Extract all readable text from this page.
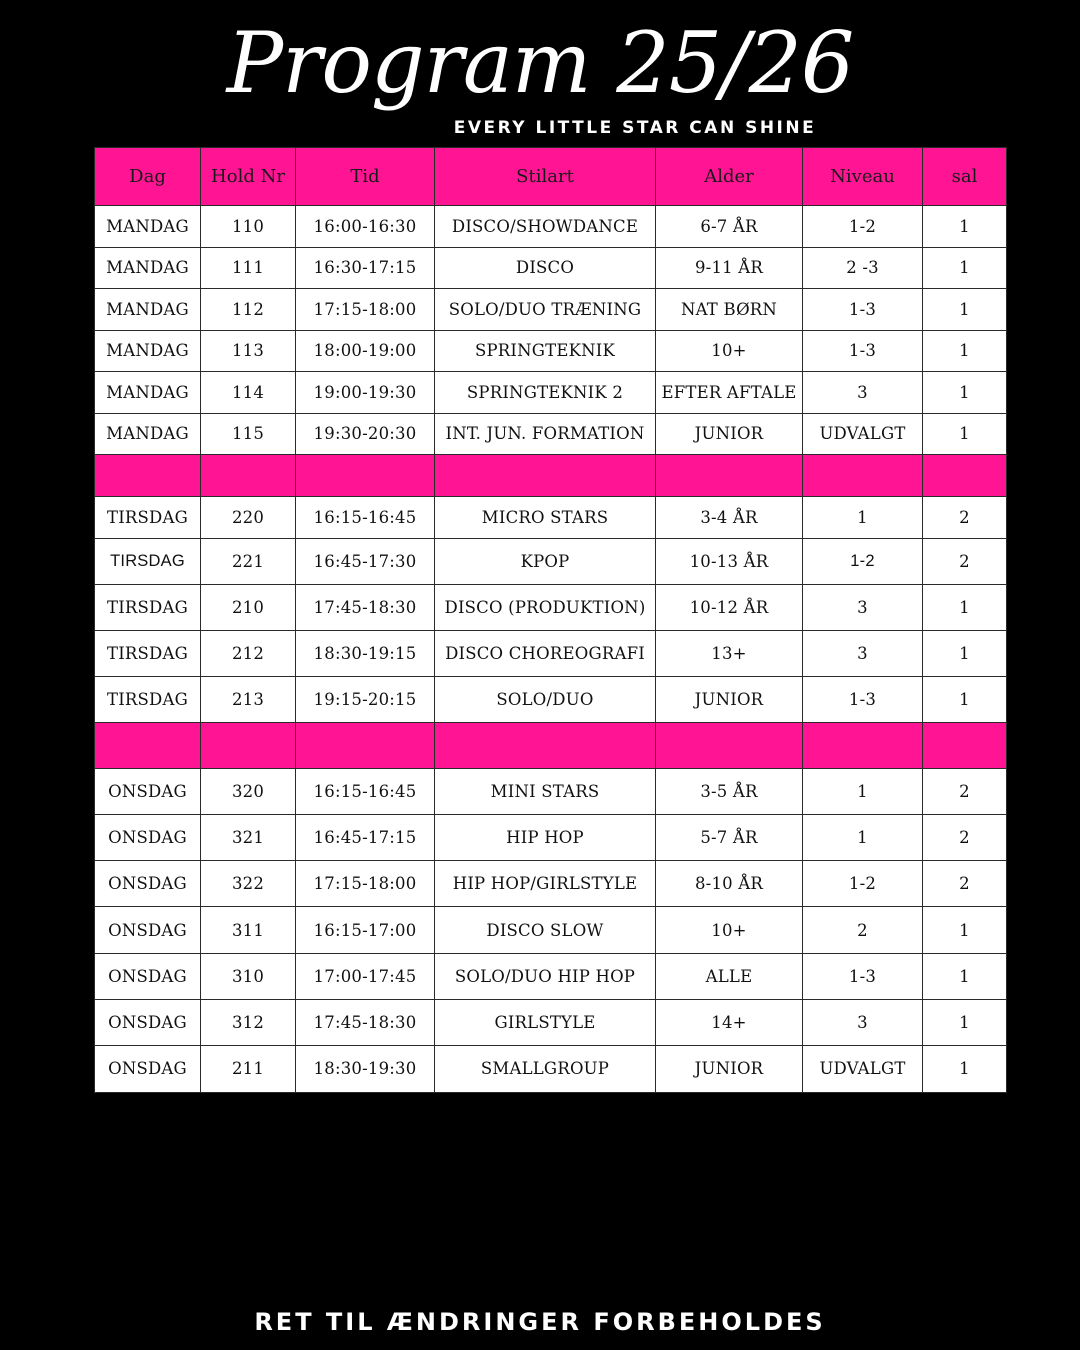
Program 25/26

EVERY LITTLE STAR CAN SHINE

Dag	Hold Nr	Tid	Stilart	Alder	Niveau	sal
MANDAG	110	16:00-16:30	DISCO/SHOWDANCE	6-7 ÅR	1-2	1
MANDAG	111	16:30-17:15	DISCO	9-11 ÅR	2 -3	1
MANDAG	112	17:15-18:00	SOLO/DUO TRÆNING	NAT BØRN	1-3	1
MANDAG	113	18:00-19:00	SPRINGTEKNIK	10+	1-3	1
MANDAG	114	19:00-19:30	SPRINGTEKNIK 2	EFTER AFTALE	3	1
MANDAG	115	19:30-20:30	INT. JUN. FORMATION	JUNIOR	UDVALGT	1

TIRSDAG	220	16:15-16:45	MICRO STARS	3-4 ÅR	1	2
TIRSDAG	221	16:45-17:30	KPOP	10-13 ÅR	1-2	2
TIRSDAG	210	17:45-18:30	DISCO (PRODUKTION)	10-12 ÅR	3	1
TIRSDAG	212	18:30-19:15	DISCO CHOREOGRAFI	13+	3	1
TIRSDAG	213	19:15-20:15	SOLO/DUO	JUNIOR	1-3	1

ONSDAG	320	16:15-16:45	MINI STARS	3-5 ÅR	1	2
ONSDAG	321	16:45-17:15	HIP HOP	5-7 ÅR	1	2
ONSDAG	322	17:15-18:00	HIP HOP/GIRLSTYLE	8-10 ÅR	1-2	2
ONSDAG	311	16:15-17:00	DISCO SLOW	10+	2	1
ONSDAG	310	17:00-17:45	SOLO/DUO HIP HOP	ALLE	1-3	1
ONSDAG	312	17:45-18:30	GIRLSTYLE	14+	3	1
ONSDAG	211	18:30-19:30	SMALLGROUP	JUNIOR	UDVALGT	1

RET TIL ÆNDRINGER FORBEHOLDES
